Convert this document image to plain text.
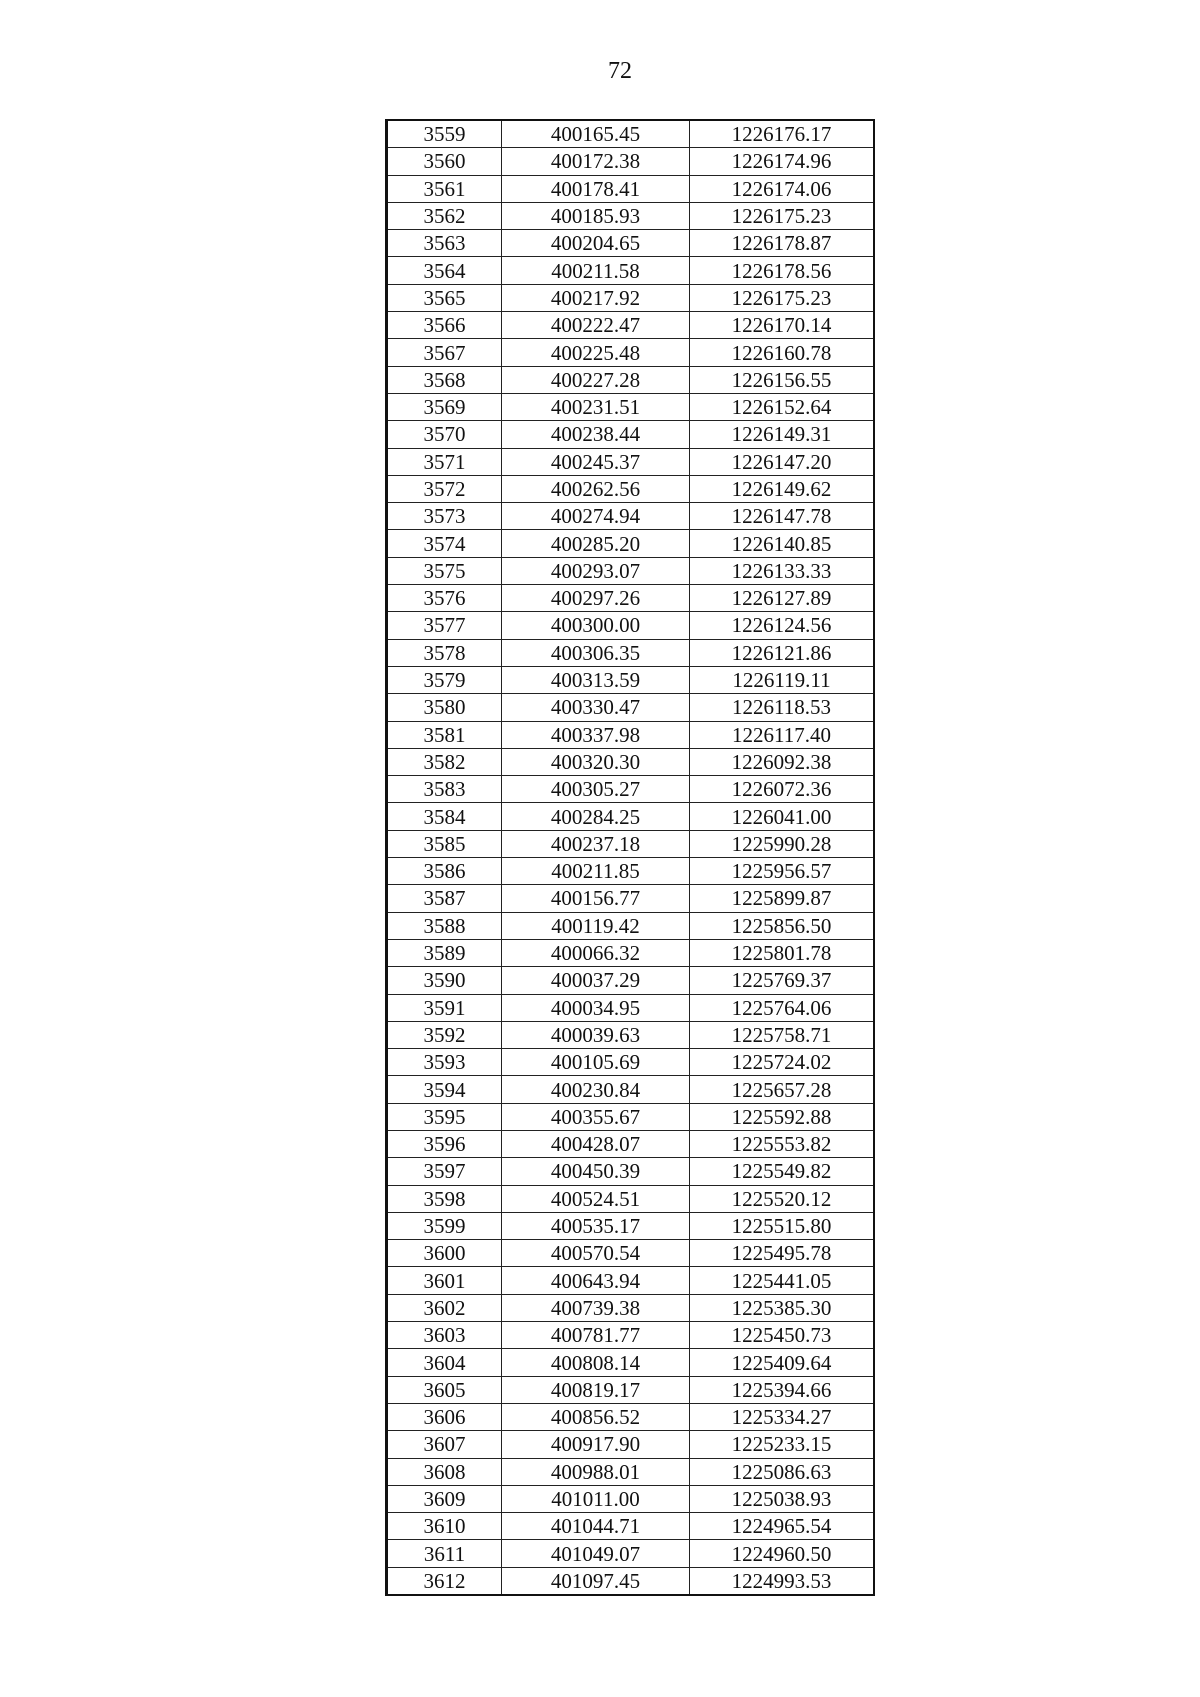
72
3559	400165.45	1226176.17
3560	400172.38	1226174.96
3561	400178.41	1226174.06
3562	400185.93	1226175.23
3563	400204.65	1226178.87
3564	400211.58	1226178.56
3565	400217.92	1226175.23
3566	400222.47	1226170.14
3567	400225.48	1226160.78
3568	400227.28	1226156.55
3569	400231.51	1226152.64
3570	400238.44	1226149.31
3571	400245.37	1226147.20
3572	400262.56	1226149.62
3573	400274.94	1226147.78
3574	400285.20	1226140.85
3575	400293.07	1226133.33
3576	400297.26	1226127.89
3577	400300.00	1226124.56
3578	400306.35	1226121.86
3579	400313.59	1226119.11
3580	400330.47	1226118.53
3581	400337.98	1226117.40
3582	400320.30	1226092.38
3583	400305.27	1226072.36
3584	400284.25	1226041.00
3585	400237.18	1225990.28
3586	400211.85	1225956.57
3587	400156.77	1225899.87
3588	400119.42	1225856.50
3589	400066.32	1225801.78
3590	400037.29	1225769.37
3591	400034.95	1225764.06
3592	400039.63	1225758.71
3593	400105.69	1225724.02
3594	400230.84	1225657.28
3595	400355.67	1225592.88
3596	400428.07	1225553.82
3597	400450.39	1225549.82
3598	400524.51	1225520.12
3599	400535.17	1225515.80
3600	400570.54	1225495.78
3601	400643.94	1225441.05
3602	400739.38	1225385.30
3603	400781.77	1225450.73
3604	400808.14	1225409.64
3605	400819.17	1225394.66
3606	400856.52	1225334.27
3607	400917.90	1225233.15
3608	400988.01	1225086.63
3609	401011.00	1225038.93
3610	401044.71	1224965.54
3611	401049.07	1224960.50
3612	401097.45	1224993.53
